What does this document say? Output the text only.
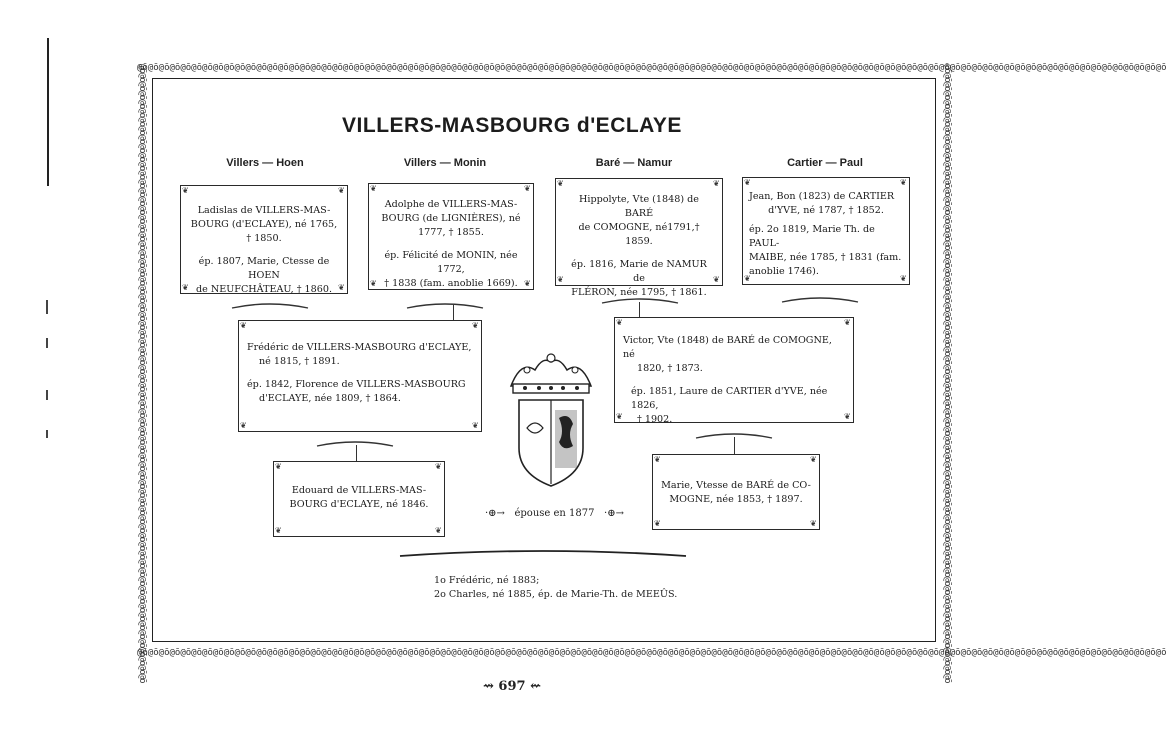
@ō@ō@ō@ō@ō@ō@ō@ō@ō@ō@ō@ō@ō@ō@ō@ō@ō@ō@ō@ō@ō@ō@ō@ō@ō@ō@ō@ō@ō@ō@ō@ō@ō@ō@ō@ō@ō@ō@ō@ō@ō@ō@ō@ō@ō@ō@ō@ō@ō@ō@ō@ō@ō@ō@ō@ō@ō@ō@ō@ō@ō@ō@ō@ō@ō@ō@ō@ō@ō@ō@ō@ō@ō@ō@ō@ō@ō@ō@ō@ō@ō@ō@ō@ō@ō@ō@ō@ō@ō@ō@ō@ō@ō@ō@ō
@ō@ō@ō@ō@ō@ō@ō@ō@ō@ō@ō@ō@ō@ō@ō@ō@ō@ō@ō@ō@ō@ō@ō@ō@ō@ō@ō@ō@ō@ō@ō@ō@ō@ō@ō@ō@ō@ō@ō@ō@ō@ō@ō@ō@ō@ō@ō@ō@ō@ō@ō@ō@ō@ō@ō@ō@ō@ō@ō@ō@ō@ō@ō@ō@ō@ō@ō@ō@ō@ō@ō@ō@ō@ō@ō@ō@ō@ō@ō@ō@ō@ō@ō@ō@ō@ō@ō@ō@ō@ō@ō@ō@ō@ō@ō
@ō@ō@ō@ō@ō@ō@ō@ō@ō@ō@ō@ō@ō@ō@ō@ō@ō@ō@ō@ō@ō@ō@ō@ō@ō@ō@ō@ō@ō@ō@ō@ō@ō@ō@ō@ō@ō@ō@ō@ō@ō@ō@ō@ō@ō@ō@ō@ō@ō@ō@ō@ō@ō@ō@ō@ō@ō@ō@ō@ō@ō@ō@ō@ō@ō@ō@ō@ō@ō@ō	@ō@ō@ō@ō@ō@ō@ō@ō@ō@ō@ō@ō@ō@ō@ō@ō@ō@ō@ō@ō@ō@ō@ō@ō@ō@ō@ō@ō@ō@ō@ō@ō@ō@ō@ō@ō@ō@ō@ō@ō@ō@ō@ō@ō@ō@ō@ō@ō@ō@ō@ō@ō@ō@ō@ō@ō@ō@ō@ō@ō@ō@ō@ō@ō@ō@ō@ō@ō@ō@ō
VILLERS-MASBOURG d'ECLAYE
Villers — Hoen	Villers — Monin	Baré — Namur	Cartier — Paul
❦	❦
❦	❦

Ladislas de VILLERS-MAS-

BOURG (d'ECLAYE), né 1765,

† 1850.

ép. 1807, Marie, Ctesse de HOEN

de NEUFCHÂTEAU, † 1860.

❦	❦
❦	❦

Adolphe de VILLERS-MAS-

BOURG (de LIGNIÈRES), né

1777, † 1855.

ép. Félicité de MONIN, née 1772,

† 1838 (fam. anoblie 1669).

❦	❦
❦	❦

Hippolyte, Vte (1848) de BARÉ

de COMOGNE, né1791,† 1859.

ép. 1816, Marie de NAMUR de

FLÉRON, née 1795, † 1861.

❦	❦
❦	❦

Jean, Bon (1823) de CARTIER

d'YVE, né 1787, † 1852.

ép. 2o 1819, Marie Th. de PAUL-

MAIBE, née 1785, † 1831 (fam.

anoblie 1746).

❦	❦
❦	❦

Frédéric de VILLERS-MASBOURG d'ECLAYE,

né 1815, † 1891.

ép. 1842, Florence de VILLERS-MASBOURG

d'ECLAYE, née 1809, † 1864.

❦	❦
❦	❦

Victor, Vte (1848) de BARÉ de COMOGNE, né

1820, † 1873.

ép. 1851, Laure de CARTIER d'YVE, née 1826,

† 1902.

❦	❦
❦	❦

Edouard de VILLERS-MAS-

BOURG d'ECLAYE, né 1846.

❦	❦
❦	❦

Marie, Vtesse de BARÉ de CO-

MOGNE, née 1853, † 1897.

·⊕→ épouse en 1877 ·⊕→
1o Frédéric, né 1883;
2o Charles, né 1885, ép. de Marie-Th. de MEEÛS.
⇝ 697 ⇜
